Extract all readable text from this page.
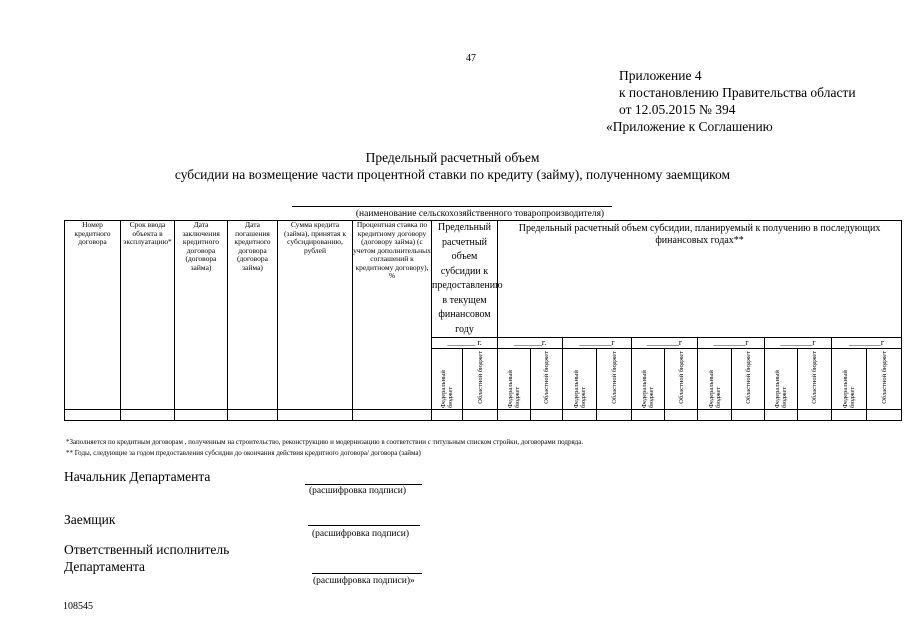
47
Приложение 4
к постановлению Правительства области
от 12.05.2015 № 394
«Приложение к Соглашению
Предельный расчетный объем
субсидии на возмещение части процентной ставки по кредиту (займу), полученному заемщиком
(наименование сельскохозяйственного товаропроизводителя)
Номер кредитного договора	Срок ввода объекта в эксплуатацию*	Дата заключения кредитного договора (договора займа)	Дата погашения кредитного договора (договора займа)	Сумма кредита (займа), принятая к субсидированию, рублей	Процентная ставка по кредитному договору (договору займа) (с учетом дополнительных соглашений к кредитному договору), %	Предельный расчетный объем субсидии к предоставлению в текущем финансовом году		Предельный расчетный объем субсидии, планируемый к получению в последующих финансовых годах**											
						_______ г.		_______г.		________г		________г		________г		________г		________г	
						Федеральный бюджет	Областной бюджет	Федеральный бюджет	Областной бюджет	Федеральный бюджет	Областной бюджет	Федеральный бюджет	Областной бюджет	Федеральный бюджет	Областной бюджет	Федеральный бюджет	Областной бюджет	Федеральный бюджет	Областной бюджет

*Заполняется по кредитным договорам , полученным на строительство, реконструкцию и модернизацию в соответствии с титульным списком стройки, договорами подряда.
** Годы, следующие за годом предоставления субсидии до окончания действия кредитного договора/ договора (займа)
Начальник Департамента
(расшифровка подписи)
Заемщик
(расшифровка подписи)
Ответственный исполнитель
Департамента
(расшифровка подписи)»
108545
